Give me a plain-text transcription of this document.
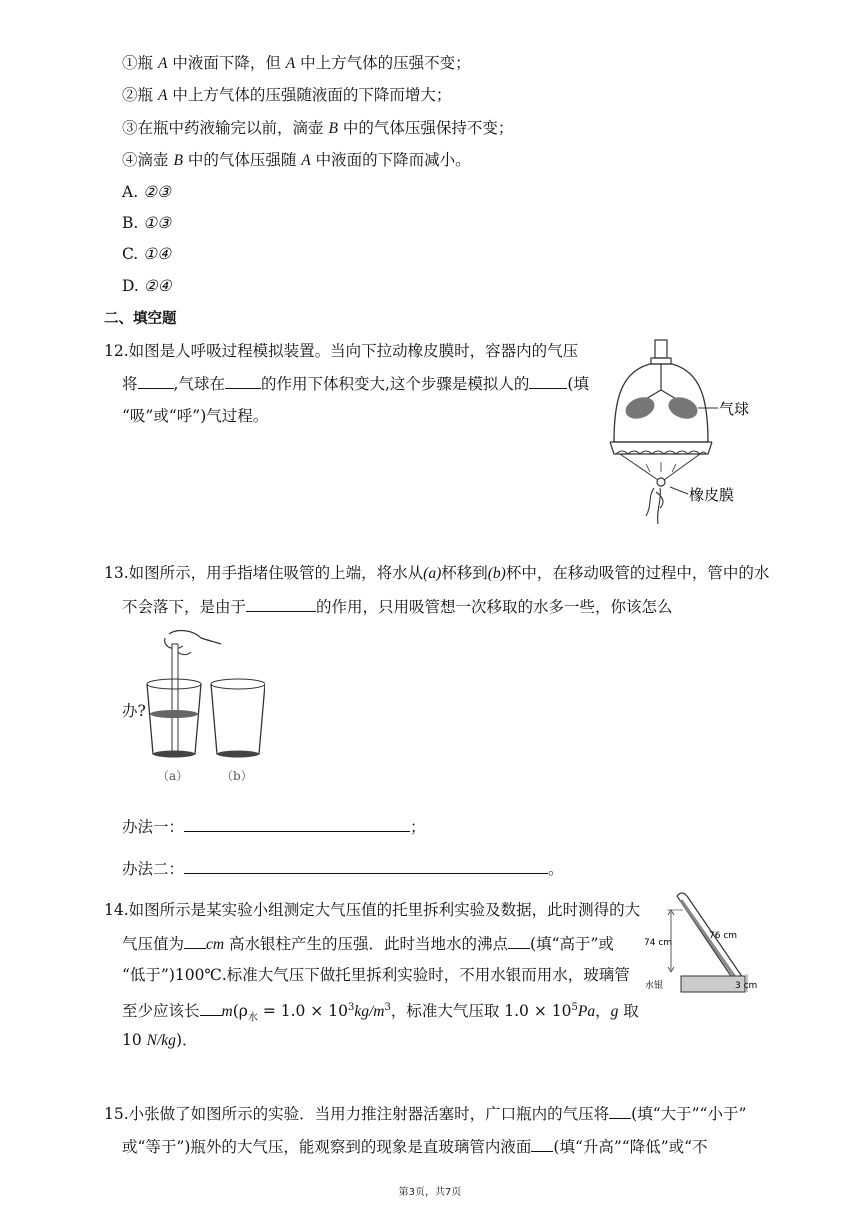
①瓶 A 中液面下降，但 A 中上方气体的压强不变；
②瓶 A 中上方气体的压强随液面的下降而增大；
③在瓶中药液输完以前，滴壶 B 中的气体压强保持不变；
④滴壶 B 中的气体压强随 A 中液面的下降而减小。
A. ②③
B. ①③
C. ①④
D. ②④
二、填空题
12.如图是人呼吸过程模拟装置。当向下拉动橡皮膜时，容器内的气压
将 ,气球在 的作用下体积变大,这个步骤是模拟人的 (填
“吸”或“呼”)气过程。	气球
橡皮膜
13.如图所示，用手指堵住吸管的上端，将水从(a)杯移到(b)杯中，在移动吸管的过程中，管中的水
不会落下，是由于	的作用，只用吸管想一次移取的水多一些，你该怎么
（a）	（b）
办?
办法一：	；
办法二：	。
14.如图所示是某实验小组测定大气压值的托里拆利实验及数据，此时测得的大
气压值为 cm 高水银柱产生的压强．此时当地水的沸点 (填“高于”或
“低于”)100℃.标准大气压下做托里拆利实验时，不用水银而用水，玻璃管
至少应该长 $m(\rho_水 = 1.0 \times 10^3kg/m^3$，标准大气压取 $1.0 \times 10^5Pa$，g 取
10 N/kg)．
74 cm
76 cm
3 cm
水银
15.小张做了如图所示的实验．当用力推注射器活塞时，广口瓶内的气压将 (填“大于”“小于”
或“等于”)瓶外的大气压，能观察到的现象是直玻璃管内液面 (填“升高”“降低”或“不
第3页，共7页
